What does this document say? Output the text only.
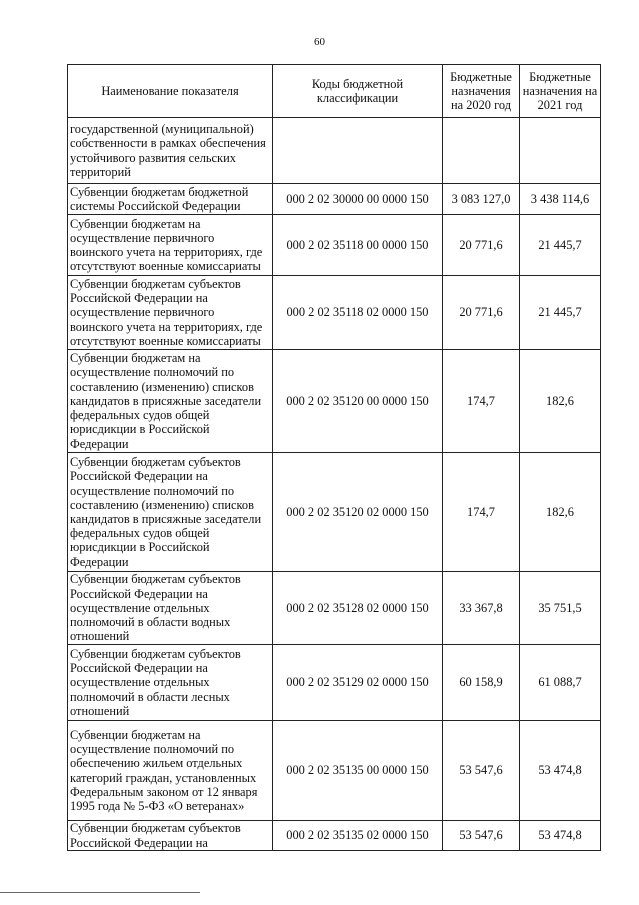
60
Наименование показателя	Коды бюджетной классификации	Бюджетные назначения на 2020 год	Бюджетные назначения на 2021 год
государственной (муниципальной) собственности в рамках обеспечения устойчивого развития сельских территорий			
Субвенции бюджетам бюджетной системы Российской Федерации	000 2 02 30000 00 0000 150	3 083 127,0	3 438 114,6
Субвенции бюджетам на осуществление первичного воинского учета на территориях, где отсутствуют военные комиссариаты	000 2 02 35118 00 0000 150	20 771,6	21 445,7
Субвенции бюджетам субъектов Российской Федерации на осуществление первичного воинского учета на территориях, где отсутствуют военные комиссариаты	000 2 02 35118 02 0000 150	20 771,6	21 445,7
Субвенции бюджетам на осуществление полномочий по составлению (изменению) списков кандидатов в присяжные заседатели федеральных судов общей юрисдикции в Российской Федерации	000 2 02 35120 00 0000 150	174,7	182,6
Субвенции бюджетам субъектов Российской Федерации на осуществление полномочий по составлению (изменению) списков кандидатов в присяжные заседатели федеральных судов общей юрисдикции в Российской Федерации	000 2 02 35120 02 0000 150	174,7	182,6
Субвенции бюджетам субъектов Российской Федерации на осуществление отдельных полномочий в области водных отношений	000 2 02 35128 02 0000 150	33 367,8	35 751,5
Субвенции бюджетам субъектов Российской Федерации на осуществление отдельных полномочий в области лесных отношений	000 2 02 35129 02 0000 150	60 158,9	61 088,7
Субвенции бюджетам на осуществление полномочий по обеспечению жильем отдельных категорий граждан, установленных Федеральным законом от 12 января 1995 года № 5-ФЗ «О ветеранах»	000 2 02 35135 00 0000 150	53 547,6	53 474,8
Субвенции бюджетам субъектов Российской Федерации на	000 2 02 35135 02 0000 150	53 547,6	53 474,8
